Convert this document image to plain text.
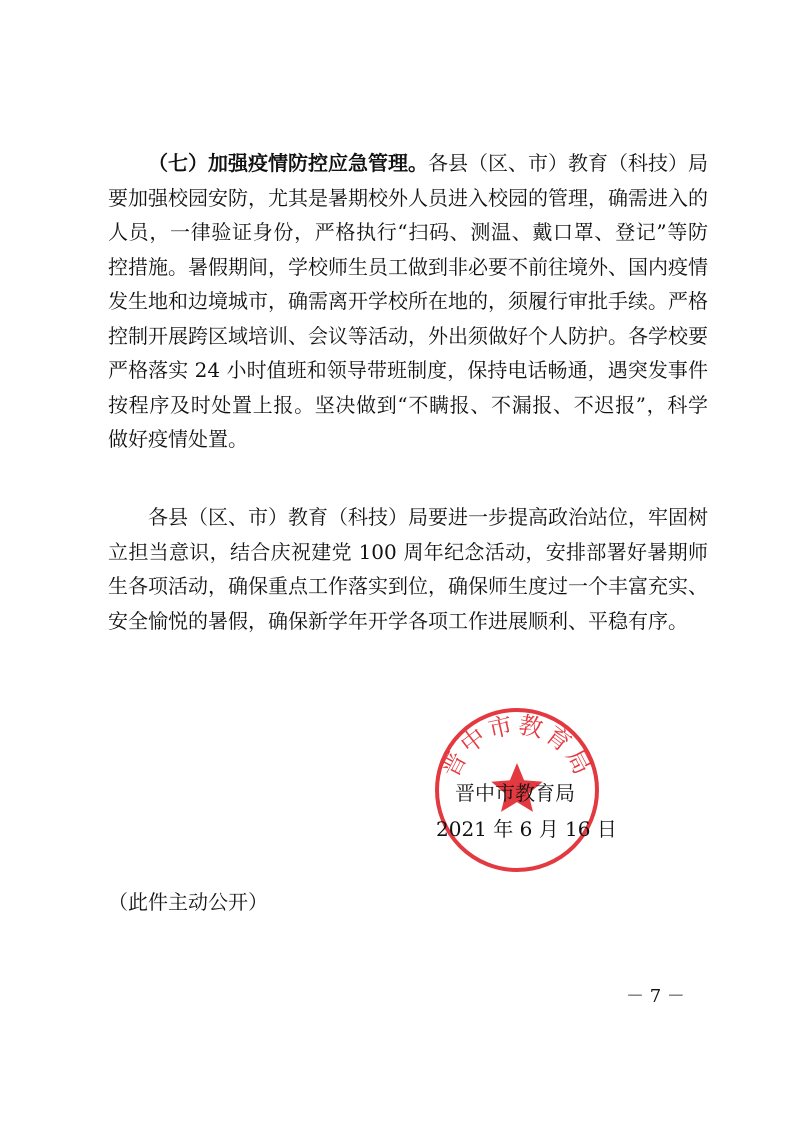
（七）加强疫情防控应急管理。各县（区、市）教育（科技）局要加强校园安防，尤其是暑期校外人员进入校园的管理，确需进入的人员，一律验证身份，严格执行“扫码、测温、戴口罩、登记”等防控措施。暑假期间，学校师生员工做到非必要不前往境外、国内疫情发生地和边境城市，确需离开学校所在地的，须履行审批手续。严格控制开展跨区域培训、会议等活动，外出须做好个人防护。各学校要严格落实 24 小时值班和领导带班制度，保持电话畅通，遇突发事件按程序及时处置上报。坚决做到“不瞒报、不漏报、不迟报”，科学做好疫情处置。

各县（区、市）教育（科技）局要进一步提高政治站位，牢固树立担当意识，结合庆祝建党 100 周年纪念活动，安排部署好暑期师生各项活动，确保重点工作落实到位，确保师生度过一个丰富充实、安全愉悦的暑假，确保新学年开学各项工作进展顺利、平稳有序。

晋中市教育局

晋中市教育局

2021 年 6 月 16 日

（此件主动公开）

－ 7 －
